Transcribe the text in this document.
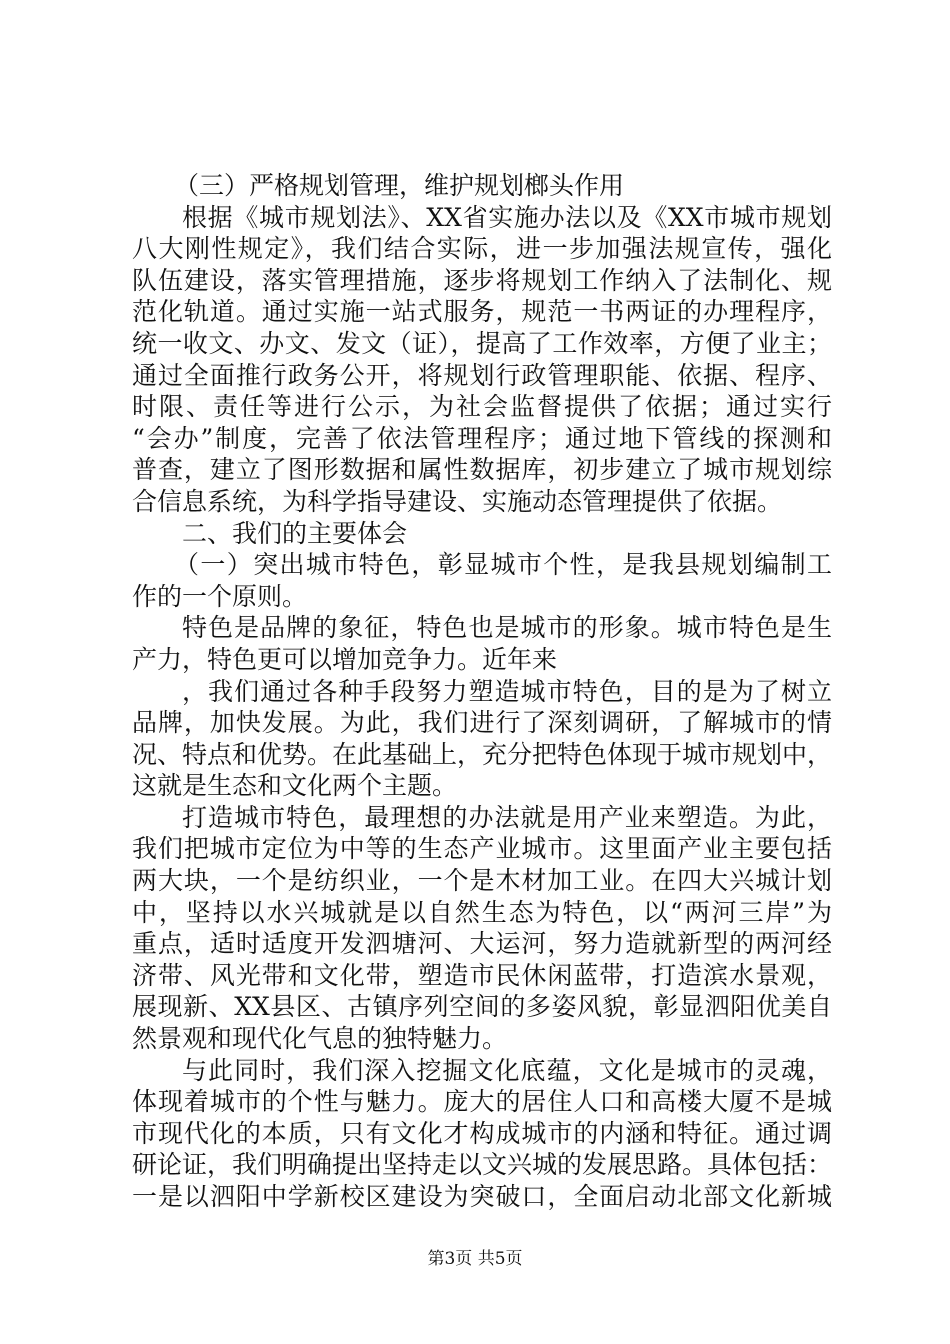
（三）严格规划管理，维护规划榔头作用
根据《城市规划法》、XX省实施办法以及《XX市城市规划
八大刚性规定》，我们结合实际，进一步加强法规宣传，强化
队伍建设，落实管理措施，逐步将规划工作纳入了法制化、规
范化轨道。通过实施一站式服务，规范一书两证的办理程序，
统一收文、办文、发文（证），提高了工作效率，方便了业主；
通过全面推行政务公开，将规划行政管理职能、依据、程序、
时限、责任等进行公示，为社会监督提供了依据；通过实行
“会办”制度，完善了依法管理程序；通过地下管线的探测和
普查，建立了图形数据和属性数据库，初步建立了城市规划综
合信息系统，为科学指导建设、实施动态管理提供了依据。
二、我们的主要体会
（一）突出城市特色，彰显城市个性，是我县规划编制工
作的一个原则。
特色是品牌的象征，特色也是城市的形象。城市特色是生
产力，特色更可以增加竞争力。近年来
，我们通过各种手段努力塑造城市特色，目的是为了树立
品牌，加快发展。为此，我们进行了深刻调研，了解城市的情
况、特点和优势。在此基础上，充分把特色体现于城市规划中，
这就是生态和文化两个主题。
打造城市特色，最理想的办法就是用产业来塑造。为此，
我们把城市定位为中等的生态产业城市。这里面产业主要包括
两大块，一个是纺织业，一个是木材加工业。在四大兴城计划
中，坚持以水兴城就是以自然生态为特色，以“两河三岸”为
重点，适时适度开发泗塘河、大运河，努力造就新型的两河经
济带、风光带和文化带，塑造市民休闲蓝带，打造滨水景观，
展现新、XX县区、古镇序列空间的多姿风貌，彰显泗阳优美自
然景观和现代化气息的独特魅力。
与此同时，我们深入挖掘文化底蕴，文化是城市的灵魂，
体现着城市的个性与魅力。庞大的居住人口和高楼大厦不是城
市现代化的本质，只有文化才构成城市的内涵和特征。通过调
研论证，我们明确提出坚持走以文兴城的发展思路。具体包括：
一是以泗阳中学新校区建设为突破口，全面启动北部文化新城
第3页 共5页
